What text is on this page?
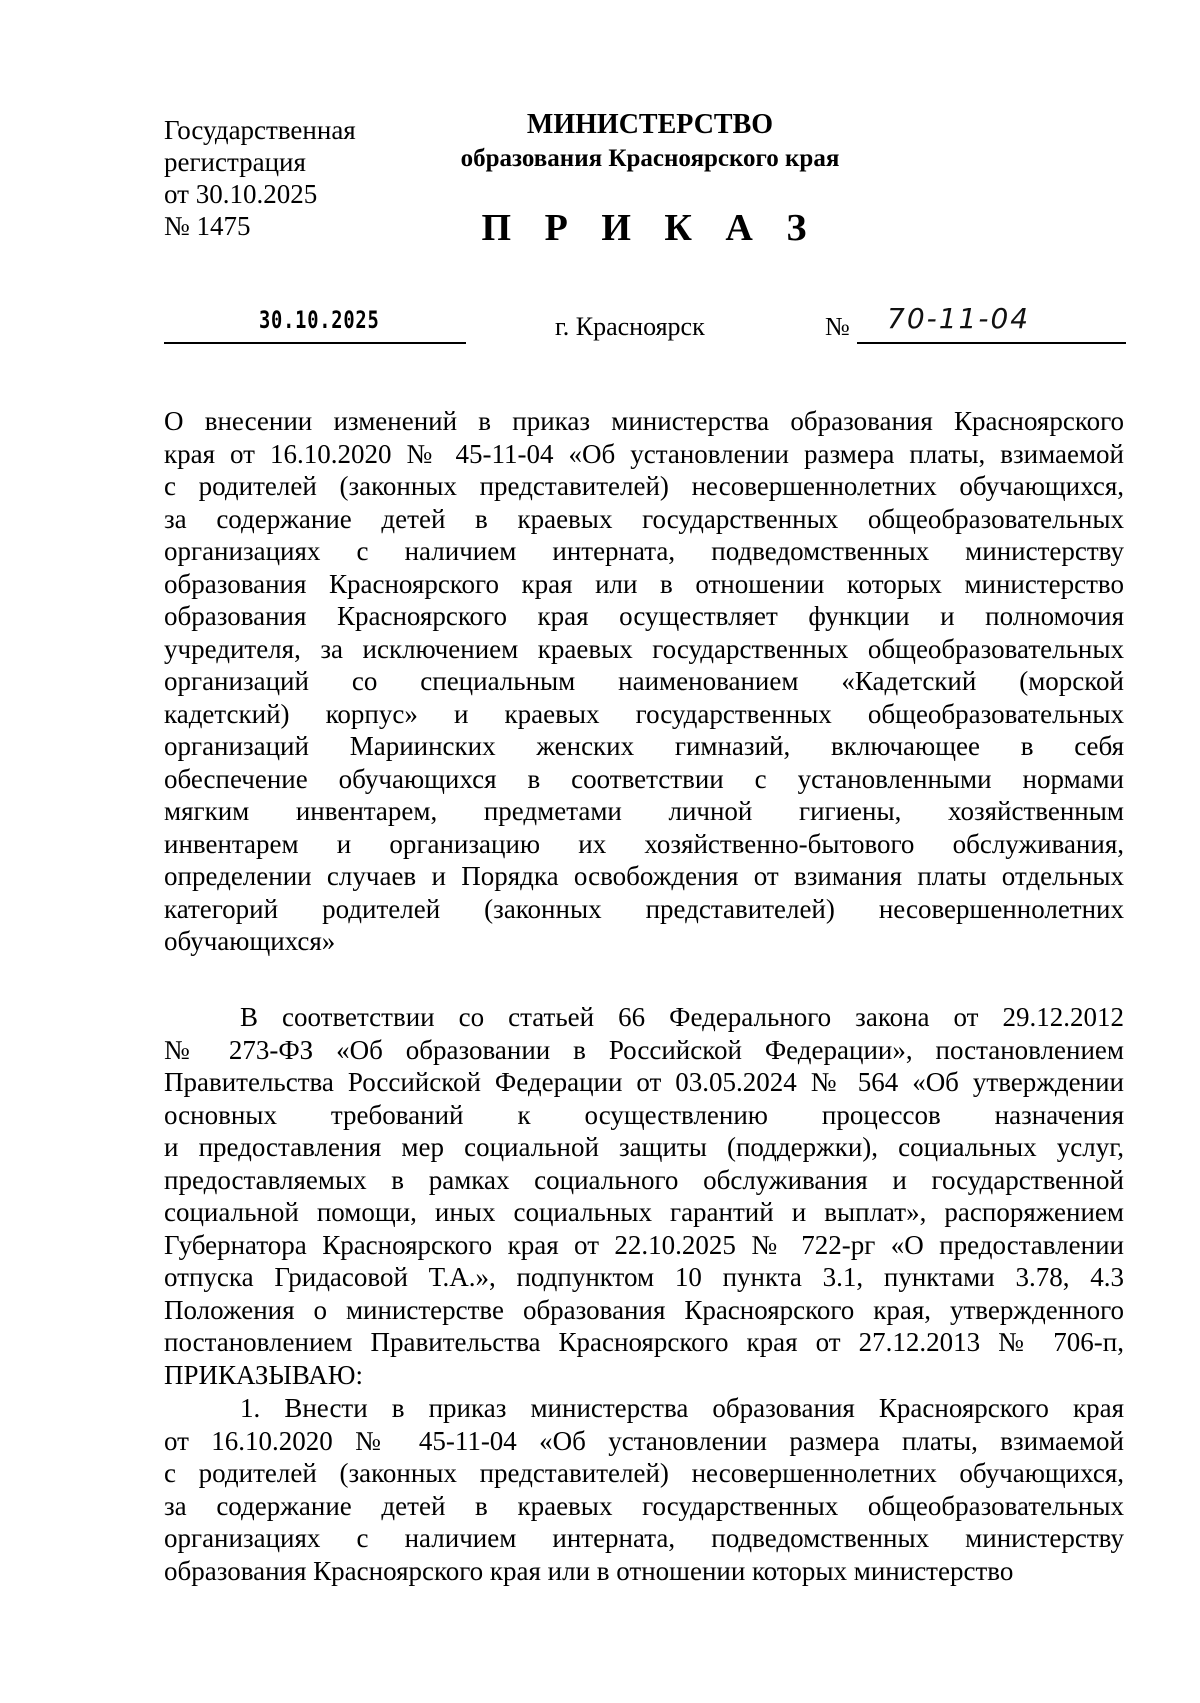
Государственная
регистрация
от 30.10.2025
№ 1475
МИНИСТЕРСТВО
образования Красноярского края
П Р И К А З
30.10.2025	г. Красноярск	№ 70-11-04
О внесении изменений в приказ министерства образования Красноярского
края от 16.10.2020 № 45-11-04 «Об установлении размера платы, взимаемой
с родителей (законных представителей) несовершеннолетних обучающихся,
за содержание детей в краевых государственных общеобразовательных
организациях с наличием интерната, подведомственных министерству
образования Красноярского края или в отношении которых министерство
образования Красноярского края осуществляет функции и полномочия
учредителя, за исключением краевых государственных общеобразовательных
организаций со специальным наименованием «Кадетский (морской
кадетский) корпус» и краевых государственных общеобразовательных
организаций Мариинских женских гимназий, включающее в себя
обеспечение обучающихся в соответствии с установленными нормами
мягким инвентарем, предметами личной гигиены, хозяйственным
инвентарем и организацию их хозяйственно-бытового обслуживания,
определении случаев и Порядка освобождения от взимания платы отдельных
категорий родителей (законных представителей) несовершеннолетних
обучающихся»
В соответствии со статьей 66 Федерального закона от 29.12.2012
№ 273-ФЗ «Об образовании в Российской Федерации», постановлением
Правительства Российской Федерации от 03.05.2024 № 564 «Об утверждении
основных требований к осуществлению процессов назначения
и предоставления мер социальной защиты (поддержки), социальных услуг,
предоставляемых в рамках социального обслуживания и государственной
социальной помощи, иных социальных гарантий и выплат», распоряжением
Губернатора Красноярского края от 22.10.2025 № 722-рг «О предоставлении
отпуска Гридасовой Т.А.», подпунктом 10 пункта 3.1, пунктами 3.78, 4.3
Положения о министерстве образования Красноярского края, утвержденного
постановлением Правительства Красноярского края от 27.12.2013 № 706-п,
ПРИКАЗЫВАЮ:
1. Внести в приказ министерства образования Красноярского края
от 16.10.2020 № 45-11-04 «Об установлении размера платы, взимаемой
с родителей (законных представителей) несовершеннолетних обучающихся,
за содержание детей в краевых государственных общеобразовательных
организациях с наличием интерната, подведомственных министерству
образования Красноярского края или в отношении которых министерство
